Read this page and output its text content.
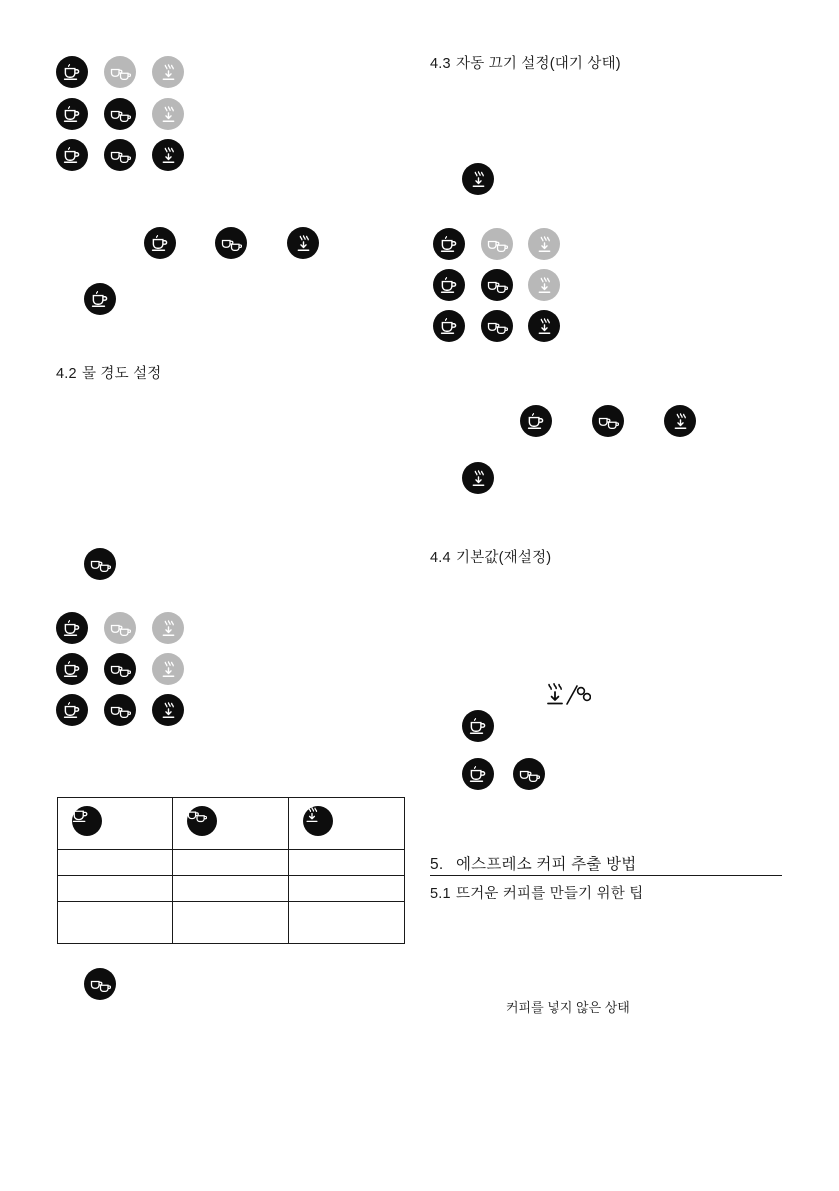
4.2 물 경도 설정

4.3 자동 끄기 설정(대기 상태)
4.4 기본값(재설정)
5. 에스프레소 커피 추출 방법
5.1 뜨거운 커피를 만들기 위한 팁
커피를 넣지 않은 상태
